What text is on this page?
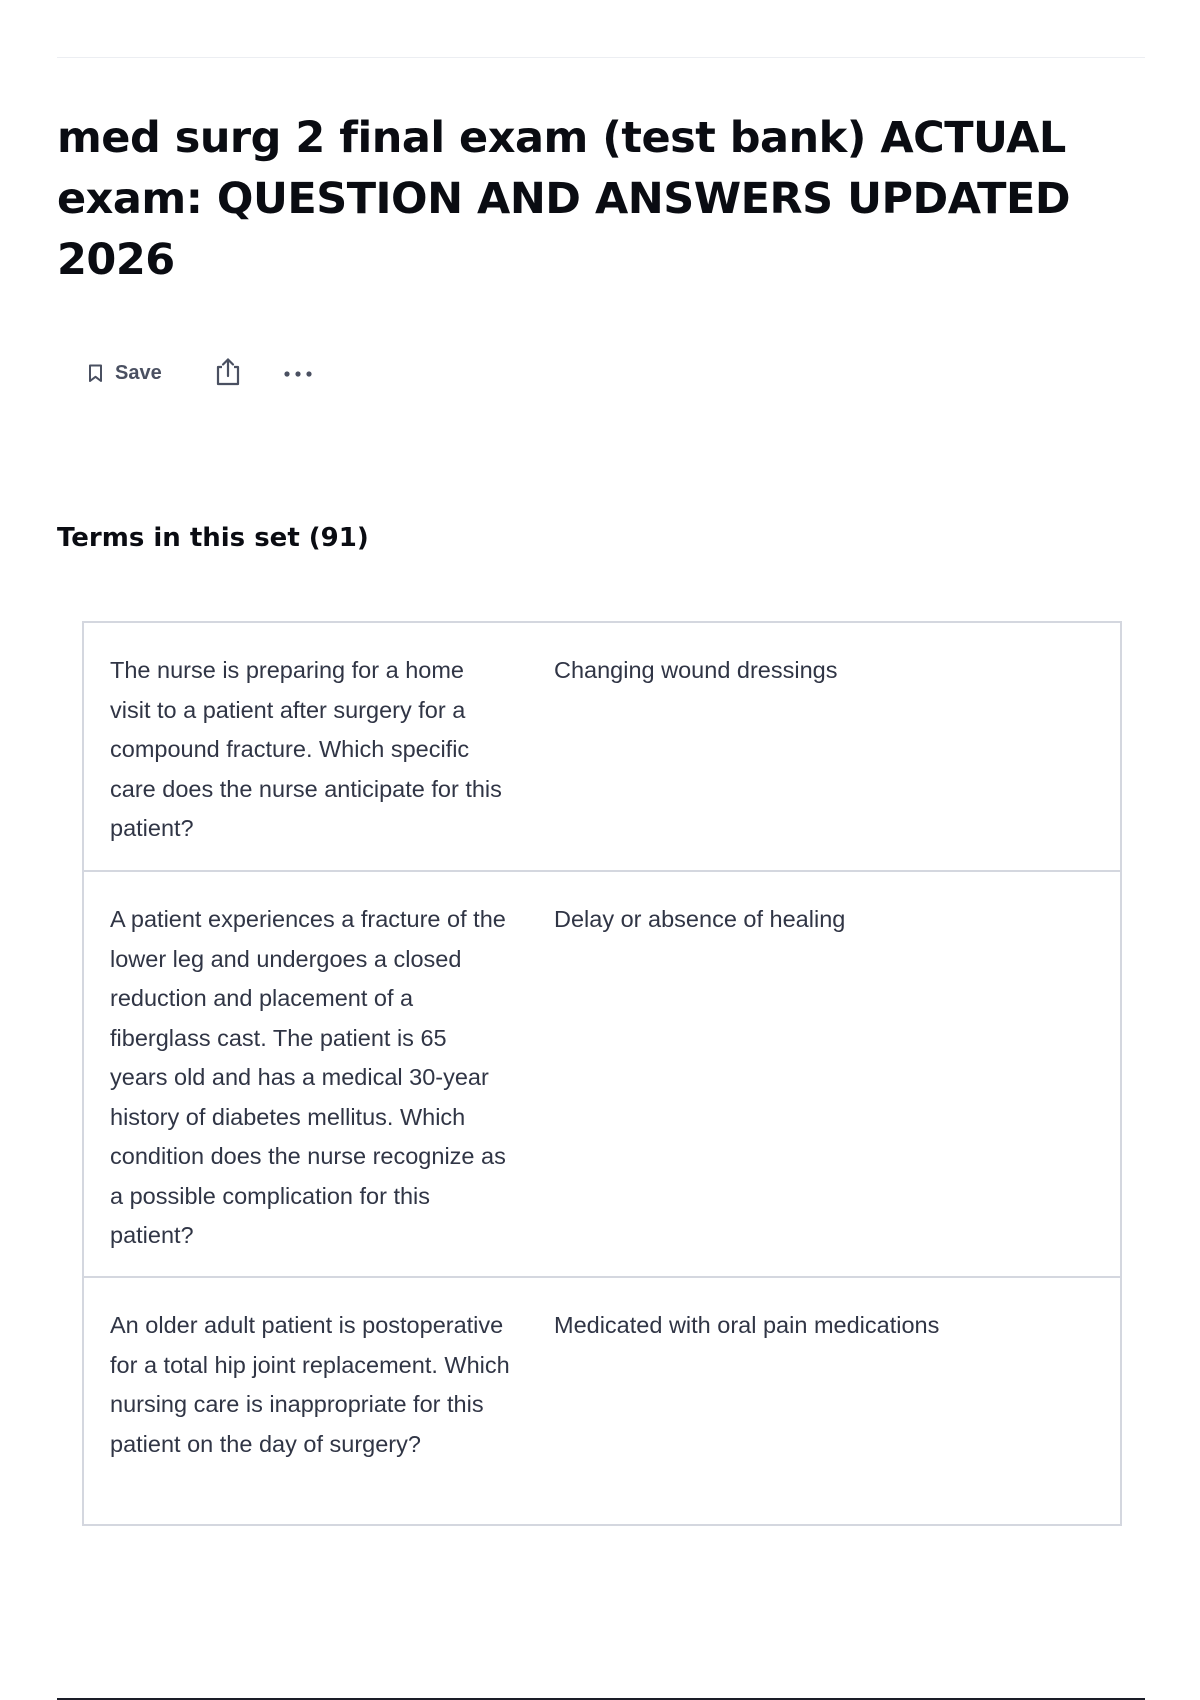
med surg 2 final exam (test bank) ACTUAL exam: QUESTION AND ANSWERS UPDATED 2026
Save
Terms in this set (91)
The nurse is preparing for a home visit to a patient after surgery for a compound fracture. Which specific care does the nurse anticipate for this patient?
Changing wound dressings
A patient experiences a fracture of the lower leg and undergoes a closed reduction and placement of a fiberglass cast. The patient is 65 years old and has a medical 30-year history of diabetes mellitus. Which condition does the nurse recognize as a possible complication for this patient?
Delay or absence of healing
An older adult patient is postoperative for a total hip joint replacement. Which nursing care is inappropriate for this patient on the day of surgery?
Medicated with oral pain medications
